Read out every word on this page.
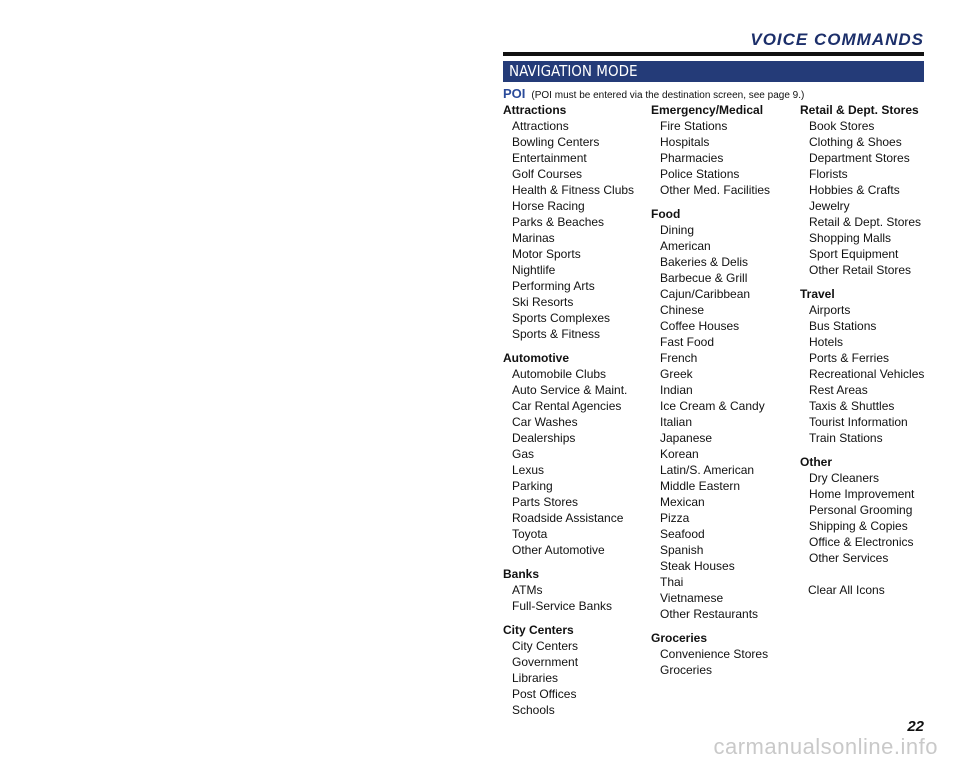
VOICE COMMANDS
NAVIGATION MODE
POI (POI must be entered via the destination screen, see page 9.)
Attractions
Attractions
Bowling Centers
Entertainment
Golf Courses
Health & Fitness Clubs
Horse Racing
Parks & Beaches
Marinas
Motor Sports
Nightlife
Performing Arts
Ski Resorts
Sports Complexes
Sports & Fitness
Automotive
Automobile Clubs
Auto Service & Maint.
Car Rental Agencies
Car Washes
Dealerships
Gas
Lexus
Parking
Parts Stores
Roadside Assistance
Toyota
Other Automotive
Banks
ATMs
Full-Service Banks
City Centers
City Centers
Government
Libraries
Post Offices
Schools
Emergency/Medical
Fire Stations
Hospitals
Pharmacies
Police Stations
Other Med. Facilities
Food
Dining
American
Bakeries & Delis
Barbecue & Grill
Cajun/Caribbean
Chinese
Coffee Houses
Fast Food
French
Greek
Indian
Ice Cream & Candy
Italian
Japanese
Korean
Latin/S. American
Middle Eastern
Mexican
Pizza
Seafood
Spanish
Steak Houses
Thai
Vietnamese
Other Restaurants
Groceries
Convenience Stores
Groceries
Retail & Dept. Stores
Book Stores
Clothing & Shoes
Department Stores
Florists
Hobbies & Crafts
Jewelry
Retail & Dept. Stores
Shopping Malls
Sport Equipment
Other Retail Stores
Travel
Airports
Bus Stations
Hotels
Ports & Ferries
Recreational Vehicles
Rest Areas
Taxis & Shuttles
Tourist Information
Train Stations
Other
Dry Cleaners
Home Improvement
Personal Grooming
Shipping & Copies
Office & Electronics
Other Services
Clear All Icons
22
carmanualsonline.info
